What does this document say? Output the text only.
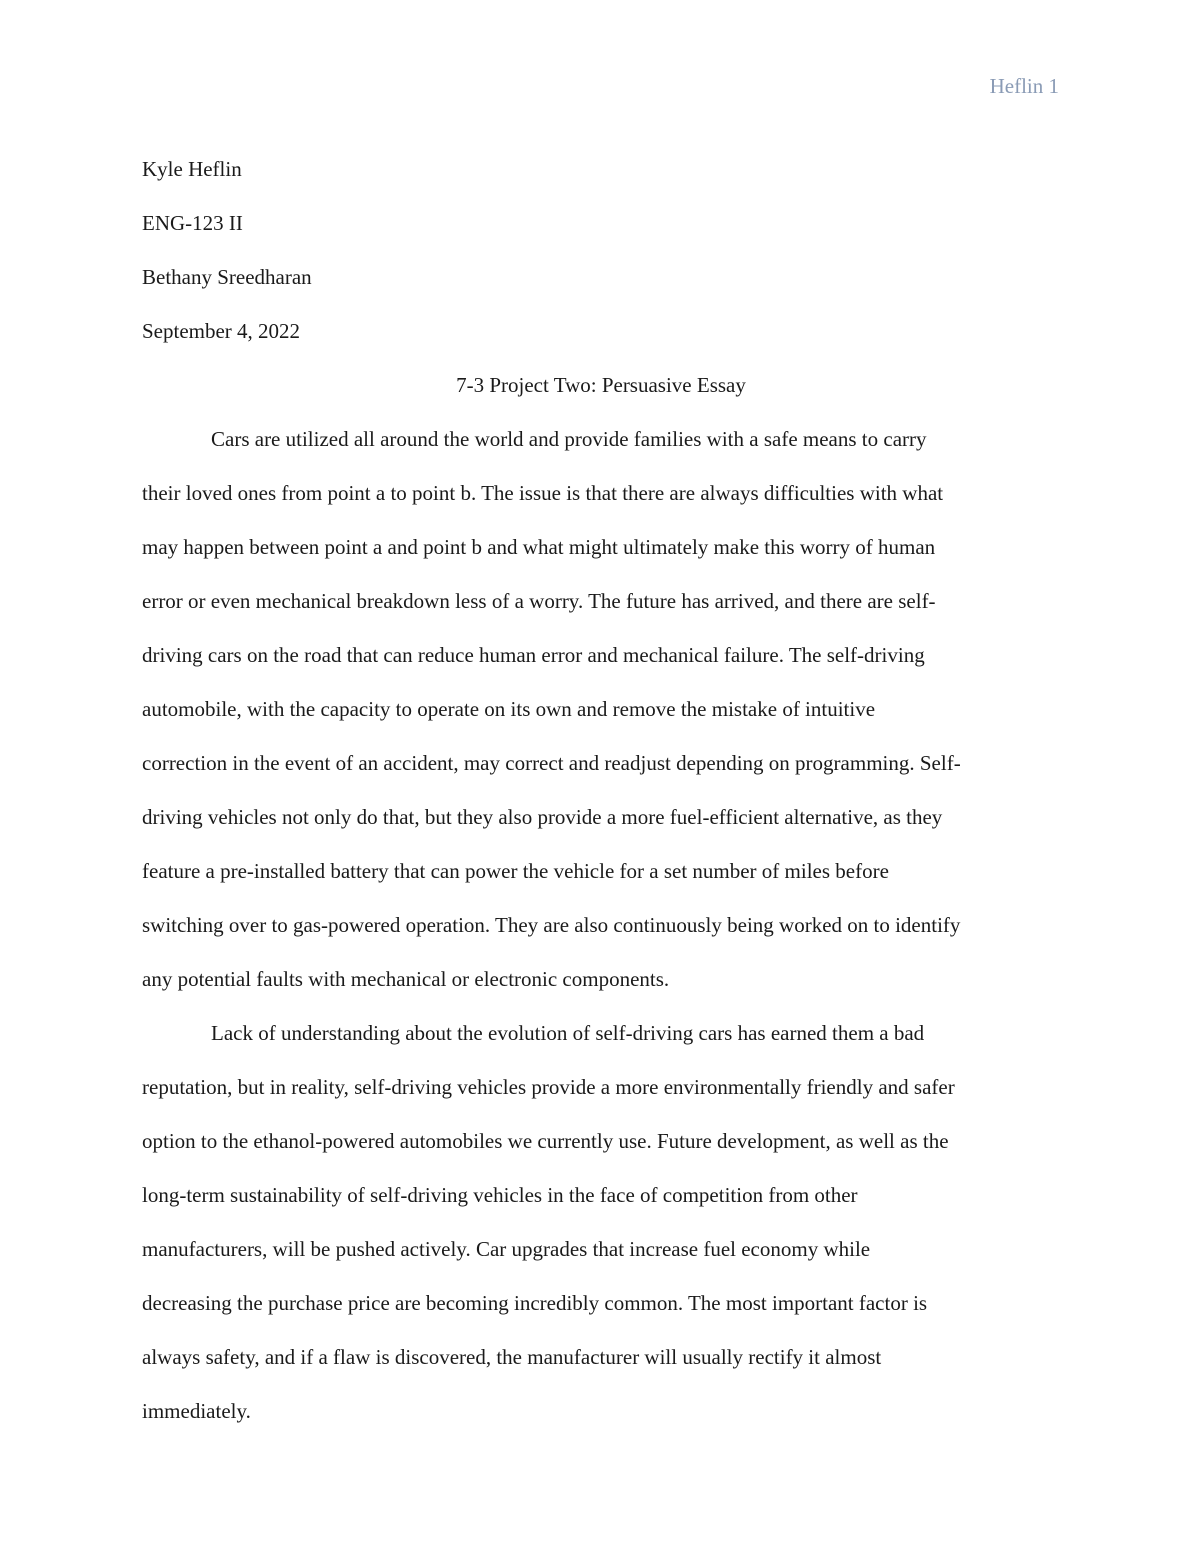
Heflin 1

Kyle Heflin

ENG-123 II

Bethany Sreedharan

September 4, 2022

7-3 Project Two: Persuasive Essay

Cars are utilized all around the world and provide families with a safe means to carry

their loved ones from point a to point b. The issue is that there are always difficulties with what

may happen between point a and point b and what might ultimately make this worry of human

error or even mechanical breakdown less of a worry. The future has arrived, and there are self-

driving cars on the road that can reduce human error and mechanical failure. The self-driving

automobile, with the capacity to operate on its own and remove the mistake of intuitive

correction in the event of an accident, may correct and readjust depending on programming. Self-

driving vehicles not only do that, but they also provide a more fuel-efficient alternative, as they

feature a pre-installed battery that can power the vehicle for a set number of miles before

switching over to gas-powered operation. They are also continuously being worked on to identify

any potential faults with mechanical or electronic components.

Lack of understanding about the evolution of self-driving cars has earned them a bad

reputation, but in reality, self-driving vehicles provide a more environmentally friendly and safer

option to the ethanol-powered automobiles we currently use. Future development, as well as the

long-term sustainability of self-driving vehicles in the face of competition from other

manufacturers, will be pushed actively. Car upgrades that increase fuel economy while

decreasing the purchase price are becoming incredibly common. The most important factor is

always safety, and if a flaw is discovered, the manufacturer will usually rectify it almost

immediately.
